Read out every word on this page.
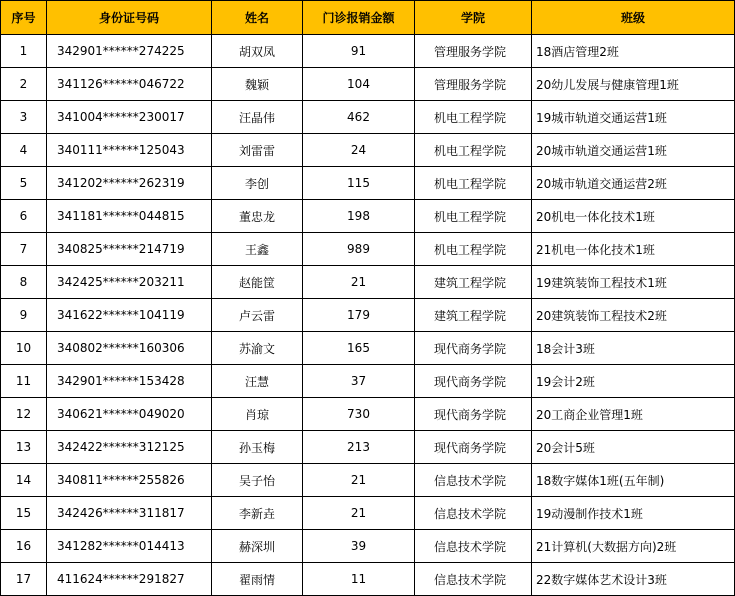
序号	身份证号码	姓名	门诊报销金额	学院	班级
1	342901******274225	胡双凤	91	管理服务学院	18酒店管理2班
2	341126******046722	魏颖	104	管理服务学院	20幼儿发展与健康管理1班
3	341004******230017	汪晶伟	462	机电工程学院	19城市轨道交通运营1班
4	340111******125043	刘雷雷	24	机电工程学院	20城市轨道交通运营1班
5	341202******262319	李创	115	机电工程学院	20城市轨道交通运营2班
6	341181******044815	董忠龙	198	机电工程学院	20机电一体化技术1班
7	340825******214719	王鑫	989	机电工程学院	21机电一体化技术1班
8	342425******203211	赵能筐	21	建筑工程学院	19建筑装饰工程技术1班
9	341622******104119	卢云雷	179	建筑工程学院	20建筑装饰工程技术2班
10	340802******160306	苏渝文	165	现代商务学院	18会计3班
11	342901******153428	汪慧	37	现代商务学院	19会计2班
12	340621******049020	肖琼	730	现代商务学院	20工商企业管理1班
13	342422******312125	孙玉梅	213	现代商务学院	20会计5班
14	340811******255826	吴子怡	21	信息技术学院	18数字媒体1班(五年制)
15	342426******311817	李新垚	21	信息技术学院	19动漫制作技术1班
16	341282******014413	赫深圳	39	信息技术学院	21计算机(大数据方向)2班
17	411624******291827	翟雨情	11	信息技术学院	22数字媒体艺术设计3班
